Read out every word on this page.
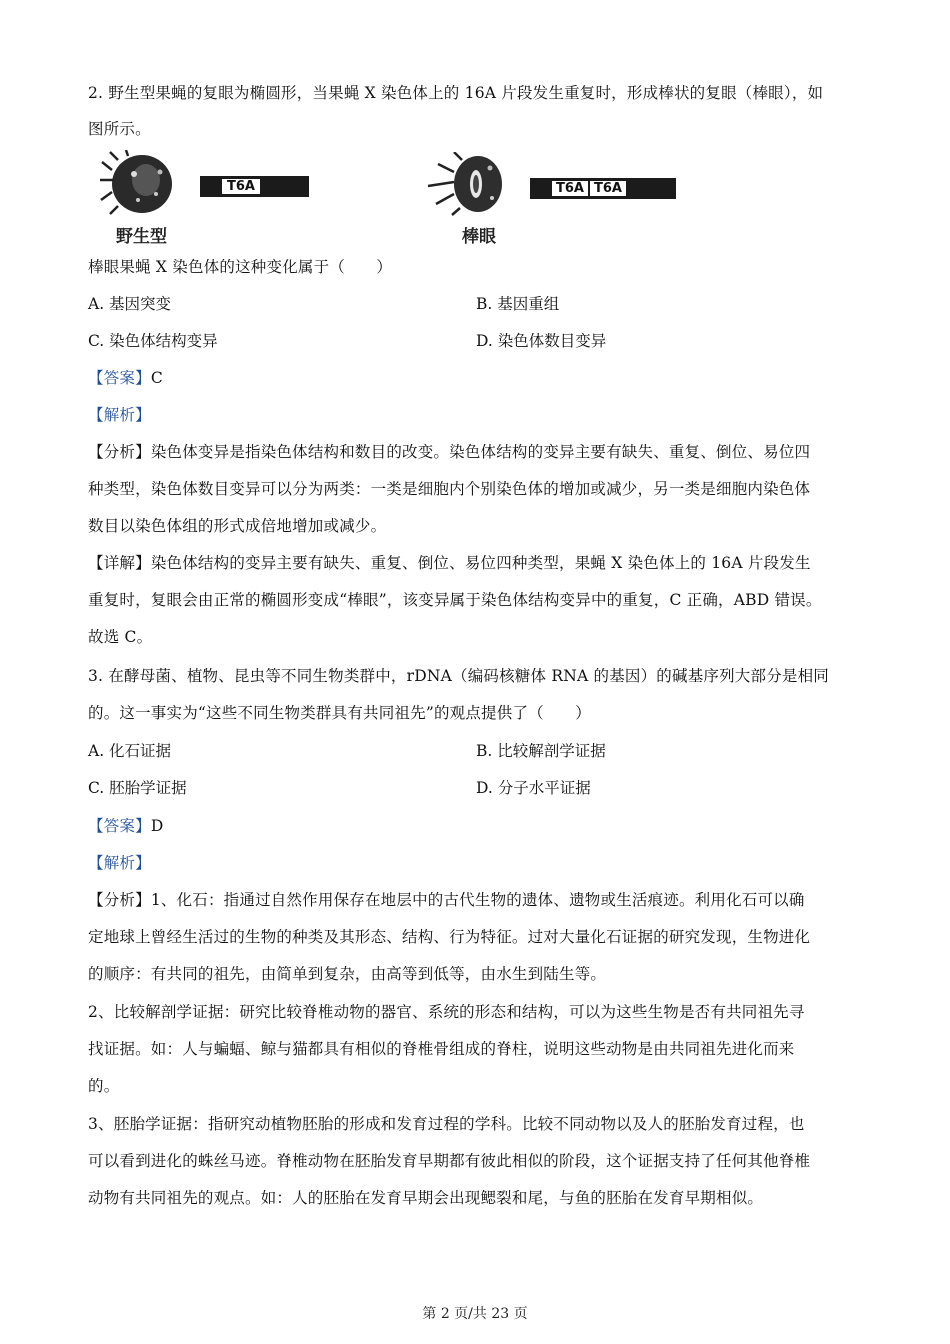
2. 野生型果蝇的复眼为椭圆形，当果蝇 X 染色体上的 16A 片段发生重复时，形成棒状的复眼（棒眼），如
图所示。
T6A
野生型
T6A T6A
棒眼
棒眼果蝇 X 染色体的这种变化属于（　　）
A. 基因突变	B. 基因重组
C. 染色体结构变异	D. 染色体数目变异
【答案】C
【解析】
【分析】染色体变异是指染色体结构和数目的改变。染色体结构的变异主要有缺失、重复、倒位、易位四
种类型，染色体数目变异可以分为两类：一类是细胞内个别染色体的增加或减少，另一类是细胞内染色体
数目以染色体组的形式成倍地增加或减少。
【详解】染色体结构的变异主要有缺失、重复、倒位、易位四种类型，果蝇 X 染色体上的 16A 片段发生
重复时，复眼会由正常的椭圆形变成“棒眼”，该变异属于染色体结构变异中的重复，C 正确，ABD 错误。
故选 C。
3. 在酵母菌、植物、昆虫等不同生物类群中，rDNA（编码核糖体 RNA 的基因）的碱基序列大部分是相同
的。这一事实为“这些不同生物类群具有共同祖先”的观点提供了（　　）
A. 化石证据	B. 比较解剖学证据
C. 胚胎学证据	D. 分子水平证据
【答案】D
【解析】
【分析】1、化石：指通过自然作用保存在地层中的古代生物的遗体、遗物或生活痕迹。利用化石可以确
定地球上曾经生活过的生物的种类及其形态、结构、行为特征。过对大量化石证据的研究发现，生物进化
的顺序：有共同的祖先，由简单到复杂，由高等到低等，由水生到陆生等。
2、比较解剖学证据：研究比较脊椎动物的器官、系统的形态和结构，可以为这些生物是否有共同祖先寻
找证据。如：人与蝙蝠、鲸与猫都具有相似的脊椎骨组成的脊柱，说明这些动物是由共同祖先进化而来
的。
3、胚胎学证据：指研究动植物胚胎的形成和发育过程的学科。比较不同动物以及人的胚胎发育过程，也
可以看到进化的蛛丝马迹。脊椎动物在胚胎发育早期都有彼此相似的阶段，这个证据支持了任何其他脊椎
动物有共同祖先的观点。如：人的胚胎在发育早期会出现鳃裂和尾，与鱼的胚胎在发育早期相似。
第 2 页/共 23 页
